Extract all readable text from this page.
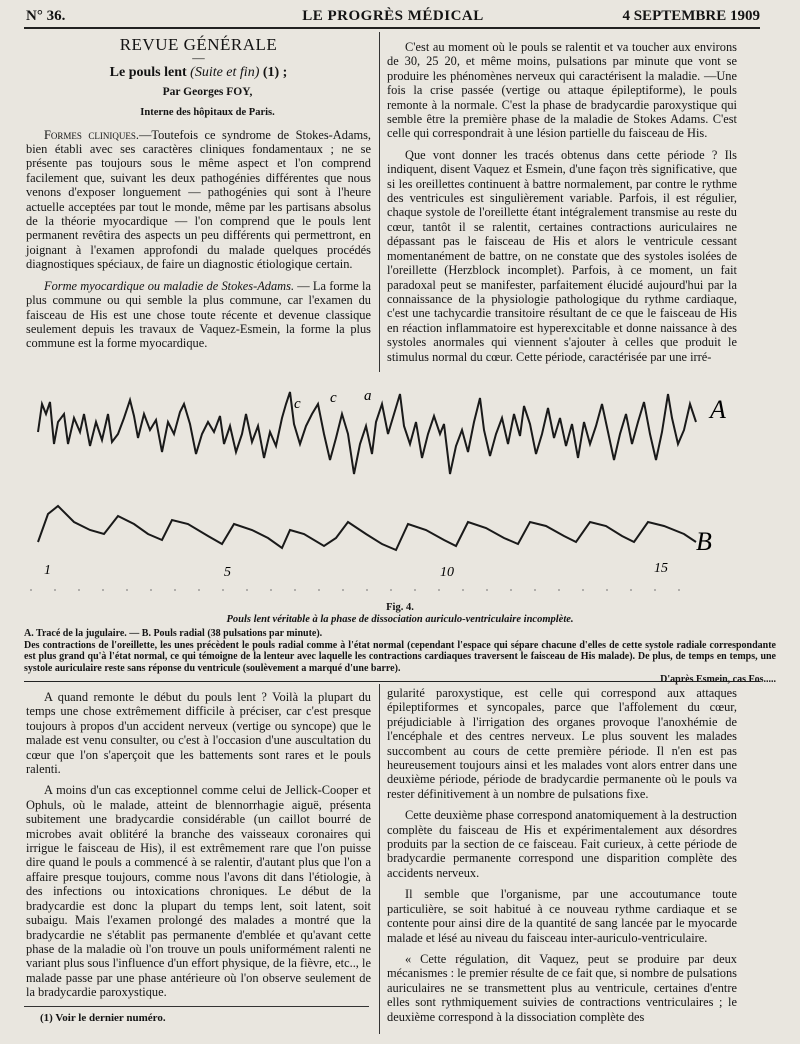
N° 36.	LE PROGRÈS MÉDICAL	4 SEPTEMBRE 1909
REVUE GÉNÉRALE
—
Le pouls lent (Suite et fin) (1) ;

Par Georges FOY,

Interne des hôpitaux de Paris.

Formes cliniques.—Toutefois ce syndrome de Stokes-Adams, bien établi avec ses caractères cliniques fondamentaux ; ne se présente pas toujours sous le même aspect et l'on comprend facilement que, suivant les deux pathogénies différentes que nous venons d'exposer longuement — pathogénies qui sont à l'heure actuelle acceptées par tout le monde, même par les partisans absolus de la théorie myocardique — l'on comprend que le pouls lent permanent revêtira des aspects un peu différents qui permettront, en joignant à l'examen approfondi du malade quelques procédés diagnostiques spéciaux, de faire un diagnostic étiologique certain.

Forme myocardique ou maladie de Stokes-Adams. — La forme la plus commune ou qui semble la plus commune, car l'examen du faisceau de His est une chose toute récente et devenue classique seulement depuis les travaux de Vaquez-Esmein, la forme la plus commune est la forme myocardique.

C'est au moment où le pouls se ralentit et va toucher aux environs de 30, 25 20, et même moins, pulsations par minute que vont se produire les phénomènes nerveux qui caractérisent la maladie. —Une fois la crise passée (vertige ou attaque épileptiforme), le pouls remonte à la normale. C'est la phase de bradycardie paroxystique qui semble être la première phase de la maladie de Stokes Adams. C'est celle qui correspondrait à une lésion partielle du faisceau de His.

Que vont donner les tracés obtenus dans cette période ? Ils indiquent, disent Vaquez et Esmein, d'une façon très significative, que si les oreillettes continuent à battre normalement, par contre le rythme des ventricules est singulièrement variable. Parfois, il est régulier, chaque systole de l'oreillette étant intégralement transmise au reste du cœur, tantôt il se ralentit, certaines contractions auriculaires ne dépassant pas le faisceau de His et alors le ventricule cessant momentanément de battre, on ne constate que des systoles isolées de l'oreillette (Herzblock incomplet). Parfois, à ce moment, un fait paradoxal peut se manifester, parfaitement élucidé aujourd'hui par la connaissance de la physiologie pathologique du rythme cardiaque, c'est une tachycardie transitoire résultant de ce que le faisceau de His en réaction inflammatoire est hyperexcitable et donne naissance à des systoles anormales qui viennent s'ajouter à celles que produit le stimulus normal du cœur. Cette période, caractérisée par une irré-

A
B
c c a
1	5	10	15
Fig. 4.
Pouls lent véritable à la phase de dissociation auriculo-ventriculaire incomplète.

A. Tracé de la jugulaire. — B. Pouls radial (38 pulsations par minute).

Des contractions de l'oreillette, les unes précèdent le pouls radial comme à l'état normal (cependant l'espace qui sépare chacune d'elles de cette systole radiale correspondante est plus grand qu'à l'état normal, ce qui témoigne de la lenteur avec laquelle les contractions cardiaques traversent le faisceau de His malade). De plus, de temps en temps, une systole auriculaire reste sans réponse du ventricule (soulèvement a marqué d'une barre).

D'après Esmein, cas Fos.....

A quand remonte le début du pouls lent ? Voilà la plupart du temps une chose extrêmement difficile à préciser, car c'est presque toujours à propos d'un accident nerveux (vertige ou syncope) que le malade est venu consulter, ou c'est à l'occasion d'une auscultation du cœur que l'on s'aperçoit que les battements sont rares et le pouls ralenti.

A moins d'un cas exceptionnel comme celui de Jellick-Cooper et Ophuls, où le malade, atteint de blennorrhagie aiguë, présenta subitement une bradycardie considérable (un caillot bourré de microbes avait oblitéré la branche des vaisseaux coronaires qui irrigue le faisceau de His), il est extrêmement rare que l'on puisse dire quand le pouls a commencé à se ralentir, d'autant plus que l'on a affaire presque toujours, comme nous l'avons dit dans l'étiologie, à des infections ou intoxications chroniques. Le début de la bradycardie est donc la plupart du temps lent, soit latent, soit subaigu. Mais l'examen prolongé des malades a montré que la bradycardie ne s'établit pas permanente d'emblée et qu'avant cette phase de la maladie où l'on trouve un pouls uniformément ralenti ne variant plus sous l'influence d'un effort physique, de la fièvre, etc.., le malade passe par une phase antérieure où l'on observe seulement de la bradycardie paroxystique.

gularité paroxystique, est celle qui correspond aux attaques épileptiformes et syncopales, parce que l'affolement du cœur, préjudiciable à l'irrigation des organes provoque l'anoxhémie de l'encéphale et des centres nerveux. Le plus souvent les malades succombent au cours de cette première période. Il n'en est pas heureusement toujours ainsi et les malades vont alors entrer dans une deuxième période, période de bradycardie permanente où le pouls va rester définitivement à un nombre de pulsations fixe.

Cette deuxième phase correspond anatomiquement à la destruction complète du faisceau de His et expérimentalement aux désordres produits par la section de ce faisceau. Fait curieux, à cette période de bradycardie permanente correspond une disparition complète des accidents nerveux.

Il semble que l'organisme, par une accoutumance toute particulière, se soit habitué à ce nouveau rythme cardiaque et se contente pour ainsi dire de la quantité de sang lancée par le myocarde malade et lésé au niveau du faisceau inter-auriculo-ventriculaire.

« Cette régulation, dit Vaquez, peut se produire par deux mécanismes : le premier résulte de ce fait que, si nombre de pulsations auriculaires ne se transmettent plus au ventricule, certaines d'entre elles sont rythmiquement suivies de contractions ventriculaires ; le deuxième correspond à la dissociation complète des

(1) Voir le dernier numéro.
